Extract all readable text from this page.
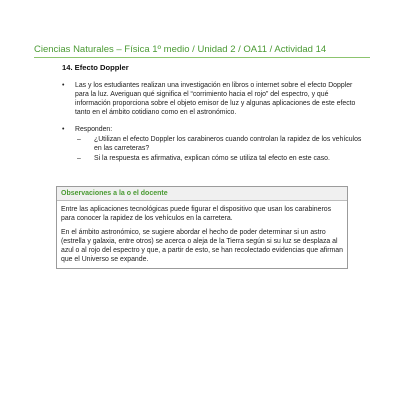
Ciencias Naturales – Física 1º medio / Unidad 2 / OA11 / Actividad 14
14. Efecto Doppler
• Las y los estudiantes realizan una investigación en libros o internet sobre el efecto Doppler para la luz. Averiguan qué significa el “corrimiento hacia el rojo” del espectro, y qué información proporciona sobre el objeto emisor de luz y algunas aplicaciones de este efecto tanto en el ámbito cotidiano como en el astronómico.
• Responden:
– ¿Utilizan el efecto Doppler los carabineros cuando controlan la rapidez de los vehículos en las carreteras?
– Si la respuesta es afirmativa, explican cómo se utiliza tal efecto en este caso.
Observaciones a la o el docente

Entre las aplicaciones tecnológicas puede figurar el dispositivo que usan los carabineros para conocer la rapidez de los vehículos en la carretera.

En el ámbito astronómico, se sugiere abordar el hecho de poder determinar si un astro (estrella y galaxia, entre otros) se acerca o aleja de la Tierra según si su luz se desplaza al azul o al rojo del espectro y que, a partir de esto, se han recolectado evidencias que afirman que el Universo se expande.
